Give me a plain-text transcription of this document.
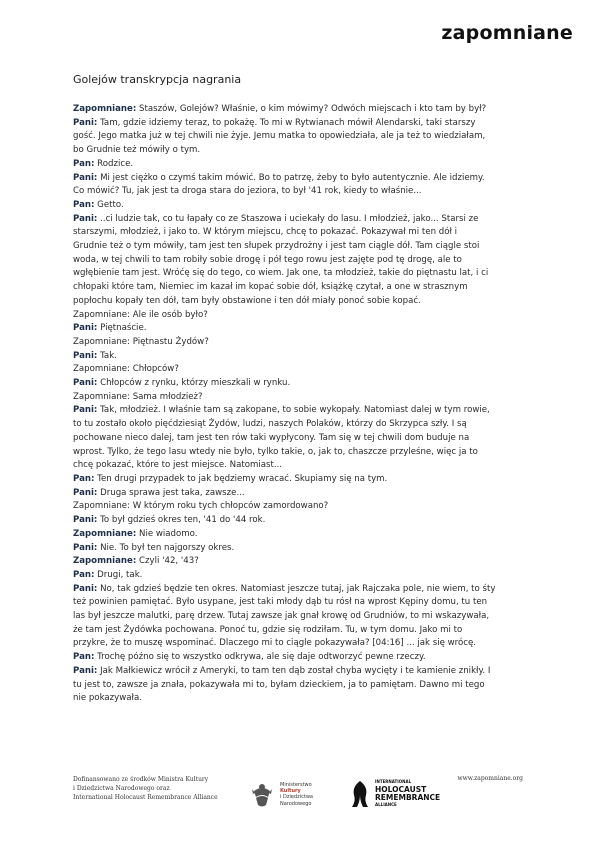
zapomniane
Golejów transkrypcja nagrania
Zapomniane: Staszów, Golejów? Właśnie, o kim mówimy? Odwóch miejscach i kto tam by był?
Pani: Tam, gdzie idziemy teraz, to pokażę. To mi w Rytwianach mówił Alendarski, taki starszy
gość. Jego matka już w tej chwili nie żyje. Jemu matka to opowiedziała, ale ja też to wiedziałam,
bo Grudnie też mówiły o tym.
Pan: Rodzice.
Pani: Mi jest ciężko o czymś takim mówić. Bo to patrzę, żeby to było autentycznie. Ale idziemy.
Co mówić? Tu, jak jest ta droga stara do jeziora, to był '41 rok, kiedy to właśnie...
Pan: Getto.
Pani: ..ci ludzie tak, co tu łapały co ze Staszowa i uciekały do lasu. I młodzież, jako... Starsi ze
starszymi, młodzież, i jako to. W którym miejscu, chcę to pokazać. Pokazywał mi ten dół i
Grudnie też o tym mówiły, tam jest ten słupek przydrożny i jest tam ciągle dół. Tam ciągle stoi
woda, w tej chwili to tam robiły sobie drogę i pół tego rowu jest zajęte pod tę drogę, ale to
wgłębienie tam jest. Wróćę się do tego, co wiem. Jak one, ta młodzież, takie do piętnastu lat, i ci
chłopaki które tam, Niemiec im kazał im kopać sobie dół, książkę czytał, a one w strasznym
popłochu kopały ten dół, tam były obstawione i ten dół miały ponoć sobie kopać.
Zapomniane: Ale ile osób było?
Pani: Piętnaście.
Zapomniane: Piętnastu Żydów?
Pani: Tak.
Zapomniane: Chłopców?
Pani: Chłopców z rynku, którzy mieszkali w rynku.
Zapomniane: Sama młodzież?
Pani: Tak, młodzież. I właśnie tam są zakopane, to sobie wykopały. Natomiast dalej w tym rowie,
to tu zostało około pięćdziesiąt Żydów, ludzi, naszych Polaków, którzy do Skrzypca szły. I są
pochowane nieco dalej, tam jest ten rów taki wypłycony. Tam się w tej chwili dom buduje na
wprost. Tylko, że tego lasu wtedy nie było, tylko takie, o, jak to, chaszcze przyleśne, więc ja to
chcę pokazać, które to jest miejsce. Natomiast...
Pan: Ten drugi przypadek to jak będziemy wracać. Skupiamy się na tym.
Pani: Druga sprawa jest taka, zawsze...
Zapomniane: W którym roku tych chłopców zamordowano?
Pani: To był gdzieś okres ten, '41 do '44 rok.
Zapomniane: Nie wiadomo.
Pani: Nie. To był ten najgorszy okres.
Zapomniane: Czyli '42, '43?
Pan: Drugi, tak.
Pani: No, tak gdzieś będzie ten okres. Natomiast jeszcze tutaj, jak Rajczaka pole, nie wiem, to śty
też powinien pamiętać. Było usypane, jest taki młody dąb tu rósł na wprost Kępiny domu, tu ten
las był jeszcze malutki, parę drzew. Tutaj zawsze jak gnał krowę od Grudniów, to mi wskazywała,
że tam jest Żydówka pochowana. Ponoć tu, gdzie się rodziłam. Tu, w tym domu. Jako mi to
przykre, że to muszę wspominać. Dlaczego mi to ciągle pokazywała? [04:16] ... jak się wrócę.
Pan: Trochę późno się to wszystko odkrywa, ale się daje odtworzyć pewne rzeczy.
Pani: Jak Małkiewicz wrócił z Ameryki, to tam ten dąb został chyba wycięty i te kamienie znikły. I
tu jest to, zawsze ja znała, pokazywała mi to, byłam dzieckiem, ja to pamiętam. Dawno mi tego
nie pokazywała.
Dofinansowano ze środków Ministra Kultury
i Dziedzictwa Narodowego oraz
International Holocaust Remembrance Alliance
Ministerstwo
Kultury
i Dziedzictwa
Narodowego
INTERNATIONAL
HOLOCAUST
REMEMBRANCE
ALLIANCE
www.zapomniane.org
